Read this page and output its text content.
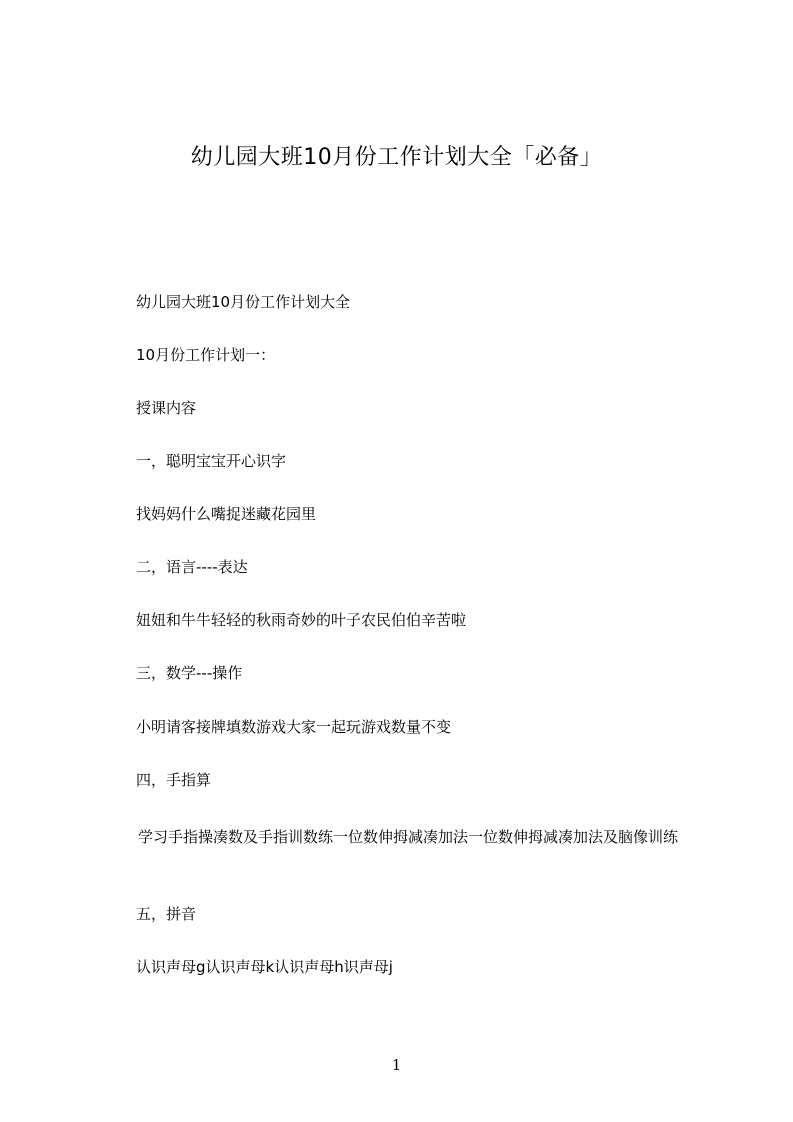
幼儿园大班10月份工作计划大全「必备」
幼儿园大班10月份工作计划大全
10月份工作计划一：
授课内容
一，聪明宝宝开心识字
找妈妈什么嘴捉迷藏花园里
二，语言----表达
妞妞和牛牛轻轻的秋雨奇妙的叶子农民伯伯辛苦啦
三，数学---操作
小明请客接牌填数游戏大家一起玩游戏数量不变
四，手指算
学习手指操凑数及手指训数练一位数伸拇减凑加法一位数伸拇减凑加法及脑像训练
五，拼音
认识声母g认识声母k认识声母h识声母j
1
